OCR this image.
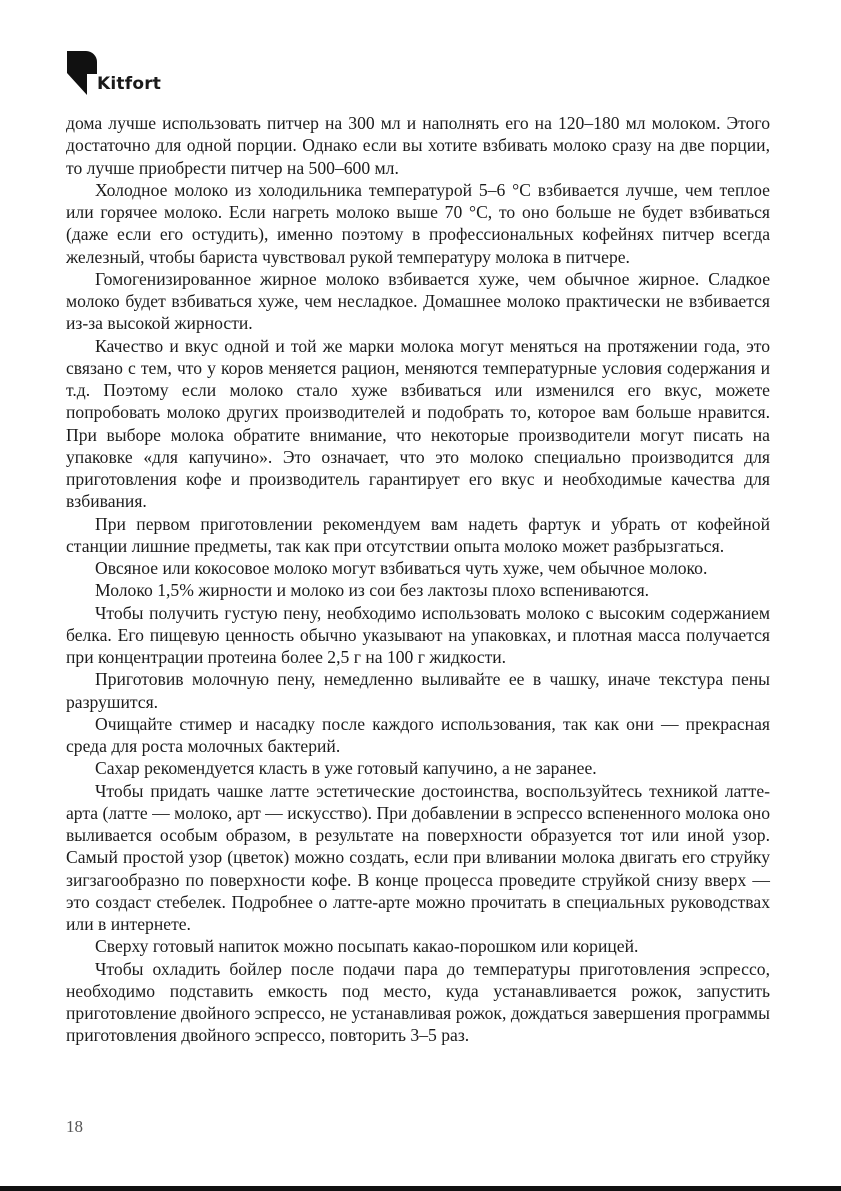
Kitfort

дома лучше использовать питчер на 300 мл и наполнять его на 120–180 мл молоком. Этого достаточно для одной порции. Однако если вы хотите взбивать молоко сразу на две порции, то лучше приобрести питчер на 500–600 мл.

Холодное молоко из холодильника температурой 5–6 °С взбивается лучше, чем теплое или горячее молоко. Если нагреть молоко выше 70 °С, то оно больше не будет взбиваться (даже если его остудить), именно поэтому в профессиональных кофейнях питчер всегда железный, чтобы бариста чувствовал рукой температуру молока в питчере.

Гомогенизированное жирное молоко взбивается хуже, чем обычное жирное. Сладкое молоко будет взбиваться хуже, чем несладкое. Домашнее молоко практически не взбивается из-за высокой жирности.

Качество и вкус одной и той же марки молока могут меняться на протяжении года, это связано с тем, что у коров меняется рацион, меняются температурные условия содержания и т.д. Поэтому если молоко стало хуже взбиваться или изменился его вкус, можете попробовать молоко других производителей и подобрать то, которое вам больше нравится. При выборе молока обратите внимание, что некоторые производители могут писать на упаковке «для капучино». Это означает, что это молоко специально производится для приготовления кофе и производитель гарантирует его вкус и необходимые качества для взбивания.

При первом приготовлении рекомендуем вам надеть фартук и убрать от кофейной станции лишние предметы, так как при отсутствии опыта молоко может разбрызгаться.

Овсяное или кокосовое молоко могут взбиваться чуть хуже, чем обычное молоко.

Молоко 1,5% жирности и молоко из сои без лактозы плохо вспениваются.

Чтобы получить густую пену, необходимо использовать молоко с высоким содержанием белка. Его пищевую ценность обычно указывают на упаковках, и плотная масса получается при концентрации протеина более 2,5 г на 100 г жидкости.

Приготовив молочную пену, немедленно выливайте ее в чашку, иначе текстура пены разрушится.

Очищайте стимер и насадку после каждого использования, так как они — прекрасная среда для роста молочных бактерий.

Сахар рекомендуется класть в уже готовый капучино, а не заранее.

Чтобы придать чашке латте эстетические достоинства, воспользуйтесь техникой латте-арта (латте — молоко, арт — искусство). При добавлении в эспрессо вспененного молока оно выливается особым образом, в результате на поверхности образуется тот или иной узор. Самый простой узор (цветок) можно создать, если при вливании молока двигать его струйку зигзагообразно по поверхности кофе. В конце процесса проведите струйкой снизу вверх — это создаст стебелек. Подробнее о латте-арте можно прочитать в специальных руководствах или в интернете.

Сверху готовый напиток можно посыпать какао-порошком или корицей.

Чтобы охладить бойлер после подачи пара до температуры приготовления эспрессо, необходимо подставить емкость под место, куда устанавливается рожок, запустить приготовление двойного эспрессо, не устанавливая рожок, дождаться завершения программы приготовления двойного эспрессо, повторить 3–5 раз.

18
